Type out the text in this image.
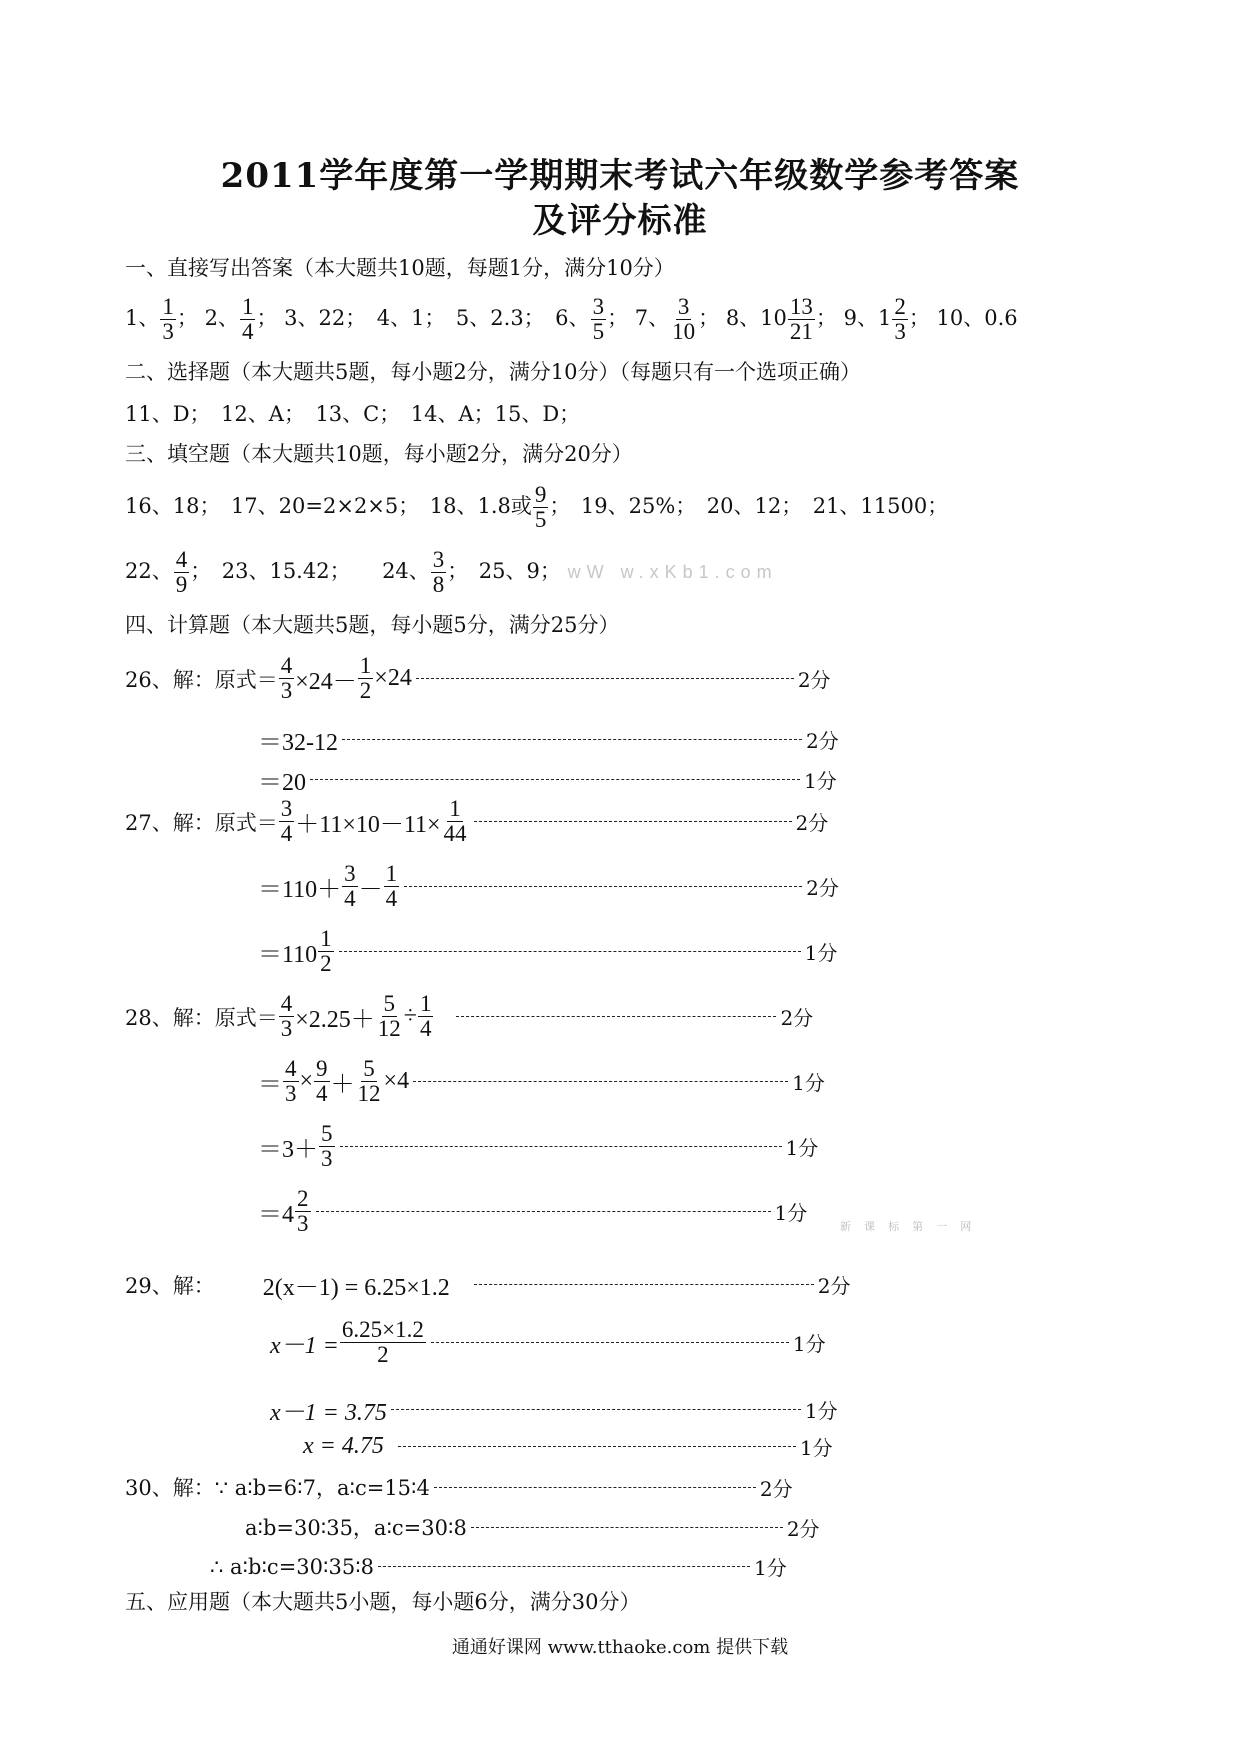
2011学年度第一学期期末考试六年级数学参考答案
及评分标准
一、直接写出答案（本大题共10题，每题1分，满分10分）
1、 $\frac{1}{3}$ ； 2、 $\frac{1}{4}$ ； 3、22；　4、1；　5、2.3；　6、 $\frac{3}{5}$ ； 7、 $\frac{3}{10}$ ； 8、$10 \frac{13}{21}$ ； 9、$1 \frac{2}{3}$ ； 10、0.6
二、选择题（本大题共5题，每小题2分，满分10分）（每题只有一个选项正确）
11、D；　12、A；　13、C；　14、A；15、D；
三、填空题（本大题共10题，每小题2分，满分20分）
16、18；　17、20=2×2×5；　18、1.8或 $\frac{9}{5}$ ；　19、25%；　20、12；　21、11500；
22、 $\frac{4}{9}$ ；　23、15.42；　　24、 $\frac{3}{8}$ ；　25、9； wW w.xKb1.com
四、计算题（本大题共5题，每小题5分，满分25分）
26、解：原式＝ $\frac{4}{3} \times 24- \frac{1}{2} \times 24$	2分
＝32-12	2分
＝20	1分
27、解：原式＝ $\frac{3}{4} +11\times 10-11\times \frac{1}{44}$	2分
$=110+ \frac{3}{4} - \frac{1}{4}$	2分
$=110 \frac{1}{2}$	1分
28、解：原式＝ $\frac{4}{3} \times 2.25+ \frac{5}{12} \div \frac{1}{4}$	2分
＝ $\frac{4}{3} \times \frac{9}{4} + \frac{5}{12} \times 4$	1分
$=3+ \frac{5}{3}$	1分
$=4 \frac{2}{3}$	1分
新 课 标 第 一 网
29、解： 2(x－1) = 6.25×1.2	2分
$x-1 = \frac{6.25\times 1.2}{2}$	1分
x－1 = 3.75	1分
x = 4.75	1分
30、解： ∵ a∶b=6∶7，a∶c=15∶4	2分
a∶b=30∶35，a∶c=30∶8	2分
∴ a∶b∶c=30∶35∶8	1分
五、应用题（本大题共5小题，每小题6分，满分30分）
通通好课网 www.tthaoke.com 提供下载
